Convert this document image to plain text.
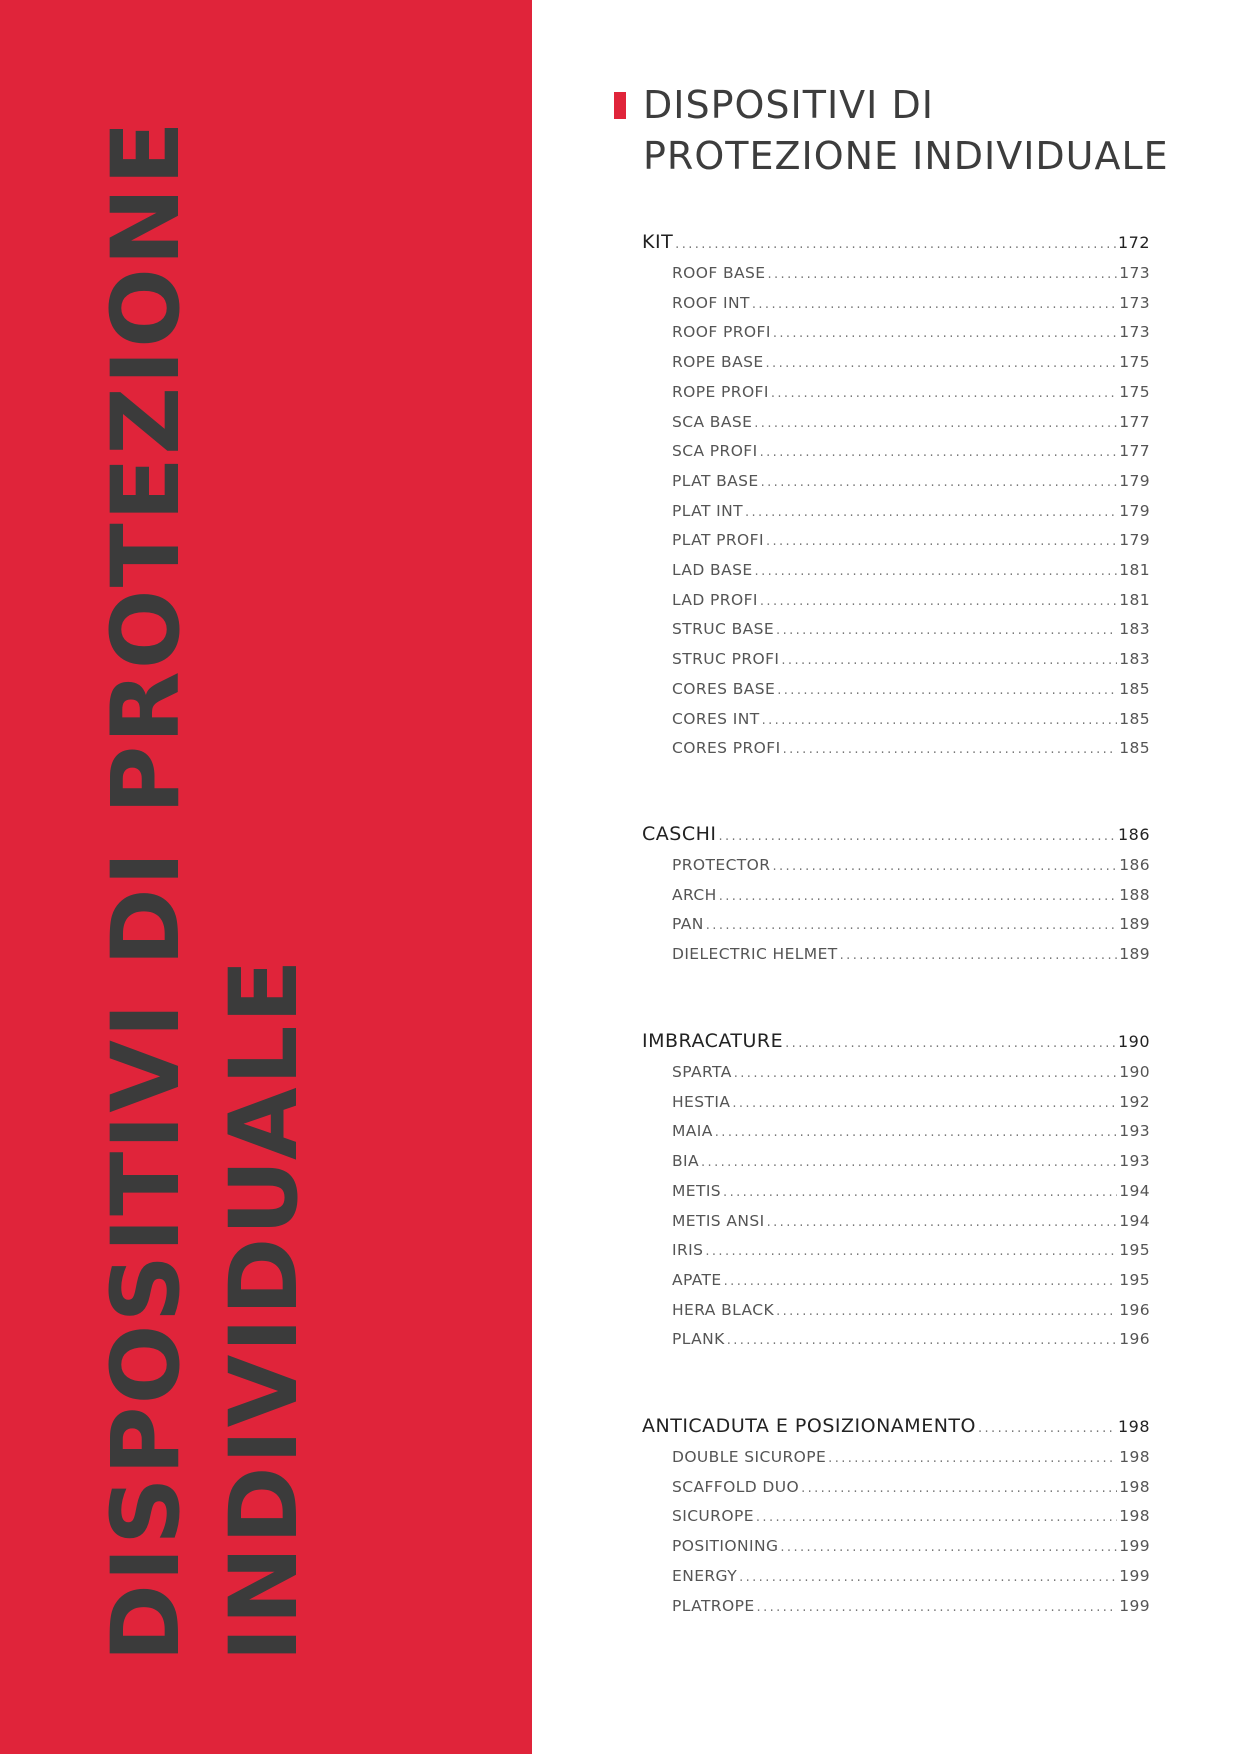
DISPOSITIVI DI PROTEZIONE INDIVIDUALE
DISPOSITIVI DI
PROTEZIONE INDIVIDUALE
KIT .....	172
ROOF BASE .....	173
ROOF INT .....	173
ROOF PROFI .....	173
ROPE BASE .....	175
ROPE PROFI .....	175
SCA BASE .....	177
SCA PROFI .....	177
PLAT BASE .....	179
PLAT INT .....	179
PLAT PROFI .....	179
LAD BASE .....	181
LAD PROFI .....	181
STRUC BASE .....	183
STRUC PROFI .....	183
CORES BASE .....	185
CORES INT .....	185
CORES PROFI .....	185
CASCHI .....	186
PROTECTOR .....	186
ARCH .....	188
PAN .....	189
DIELECTRIC HELMET .....	189
IMBRACATURE .....	190
SPARTA .....	190
HESTIA .....	192
MAIA .....	193
BIA .....	193
METIS .....	194
METIS ANSI .....	194
IRIS .....	195
APATE .....	195
HERA BLACK .....	196
PLANK .....	196
ANTICADUTA E POSIZIONAMENTO .....	198
DOUBLE SICUROPE .....	198
SCAFFOLD DUO .....	198
SICUROPE .....	198
POSITIONING .....	199
ENERGY .....	199
PLATROPE .....	199
